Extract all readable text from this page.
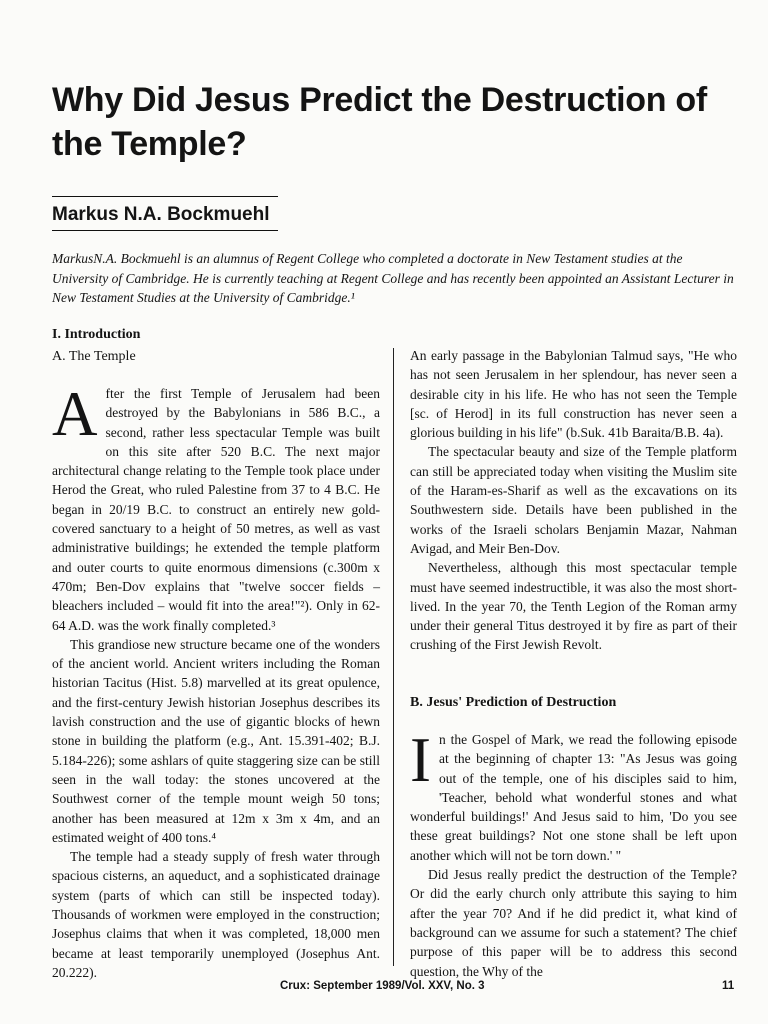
Why Did Jesus Predict the Destruction of the Temple?
Markus N.A. Bockmuehl

MarkusN.A. Bockmuehl is an alumnus of Regent College who completed a doctorate in New Testament studies at the University of Cambridge. He is currently teaching at Regent College and has recently been appointed an Assistant Lecturer in New Testament Studies at the University of Cambridge.¹

I. Introduction
A. The Temple

A fter the first Temple of Jerusalem had been destroyed by the Babylonians in 586 B.C., a second, rather less spectacular Temple was built on this site after 520 B.C. The next major architectural change relating to the Temple took place under Herod the Great, who ruled Palestine from 37 to 4 B.C. He began in 20/19 B.C. to construct an entirely new gold-covered sanctuary to a height of 50 metres, as well as vast administrative buildings; he extended the temple platform and outer courts to quite enormous dimensions (c.300m x 470m; Ben-Dov explains that "twelve soccer fields – bleachers included – would fit into the area!"²). Only in 62-64 A.D. was the work finally completed.³

This grandiose new structure became one of the wonders of the ancient world. Ancient writers including the Roman historian Tacitus (Hist. 5.8) marvelled at its great opulence, and the first-century Jewish historian Josephus describes its lavish construction and the use of gigantic blocks of hewn stone in building the platform (e.g., Ant. 15.391-402; B.J. 5.184-226); some ashlars of quite staggering size can be still seen in the wall today: the stones uncovered at the Southwest corner of the temple mount weigh 50 tons; another has been measured at 12m x 3m x 4m, and an estimated weight of 400 tons.⁴

The temple had a steady supply of fresh water through spacious cisterns, an aqueduct, and a sophisticated drainage system (parts of which can still be inspected today). Thousands of workmen were employed in the construction; Josephus claims that when it was completed, 18,000 men became at least temporarily unemployed (Josephus Ant. 20.222).

An early passage in the Babylonian Talmud says, "He who has not seen Jerusalem in her splendour, has never seen a desirable city in his life. He who has not seen the Temple [sc. of Herod] in its full construction has never seen a glorious building in his life" (b.Suk. 41b Baraita/B.B. 4a).

The spectacular beauty and size of the Temple platform can still be appreciated today when visiting the Muslim site of the Haram-es-Sharif as well as the excavations on its Southwestern side. Details have been published in the works of the Israeli scholars Benjamin Mazar, Nahman Avigad, and Meir Ben-Dov.

Nevertheless, although this most spectacular temple must have seemed indestructible, it was also the most short-lived. In the year 70, the Tenth Legion of the Roman army under their general Titus destroyed it by fire as part of their crushing of the First Jewish Revolt.

B. Jesus' Prediction of Destruction

I n the Gospel of Mark, we read the following episode at the beginning of chapter 13: "As Jesus was going out of the temple, one of his disciples said to him, 'Teacher, behold what wonderful stones and what wonderful buildings!' And Jesus said to him, 'Do you see these great buildings? Not one stone shall be left upon another which will not be torn down.' "

Did Jesus really predict the destruction of the Temple? Or did the early church only attribute this saying to him after the year 70? And if he did predict it, what kind of background can we assume for such a statement? The chief purpose of this paper will be to address this second question, the Why of the

Crux: September 1989/Vol. XXV, No. 3	11
